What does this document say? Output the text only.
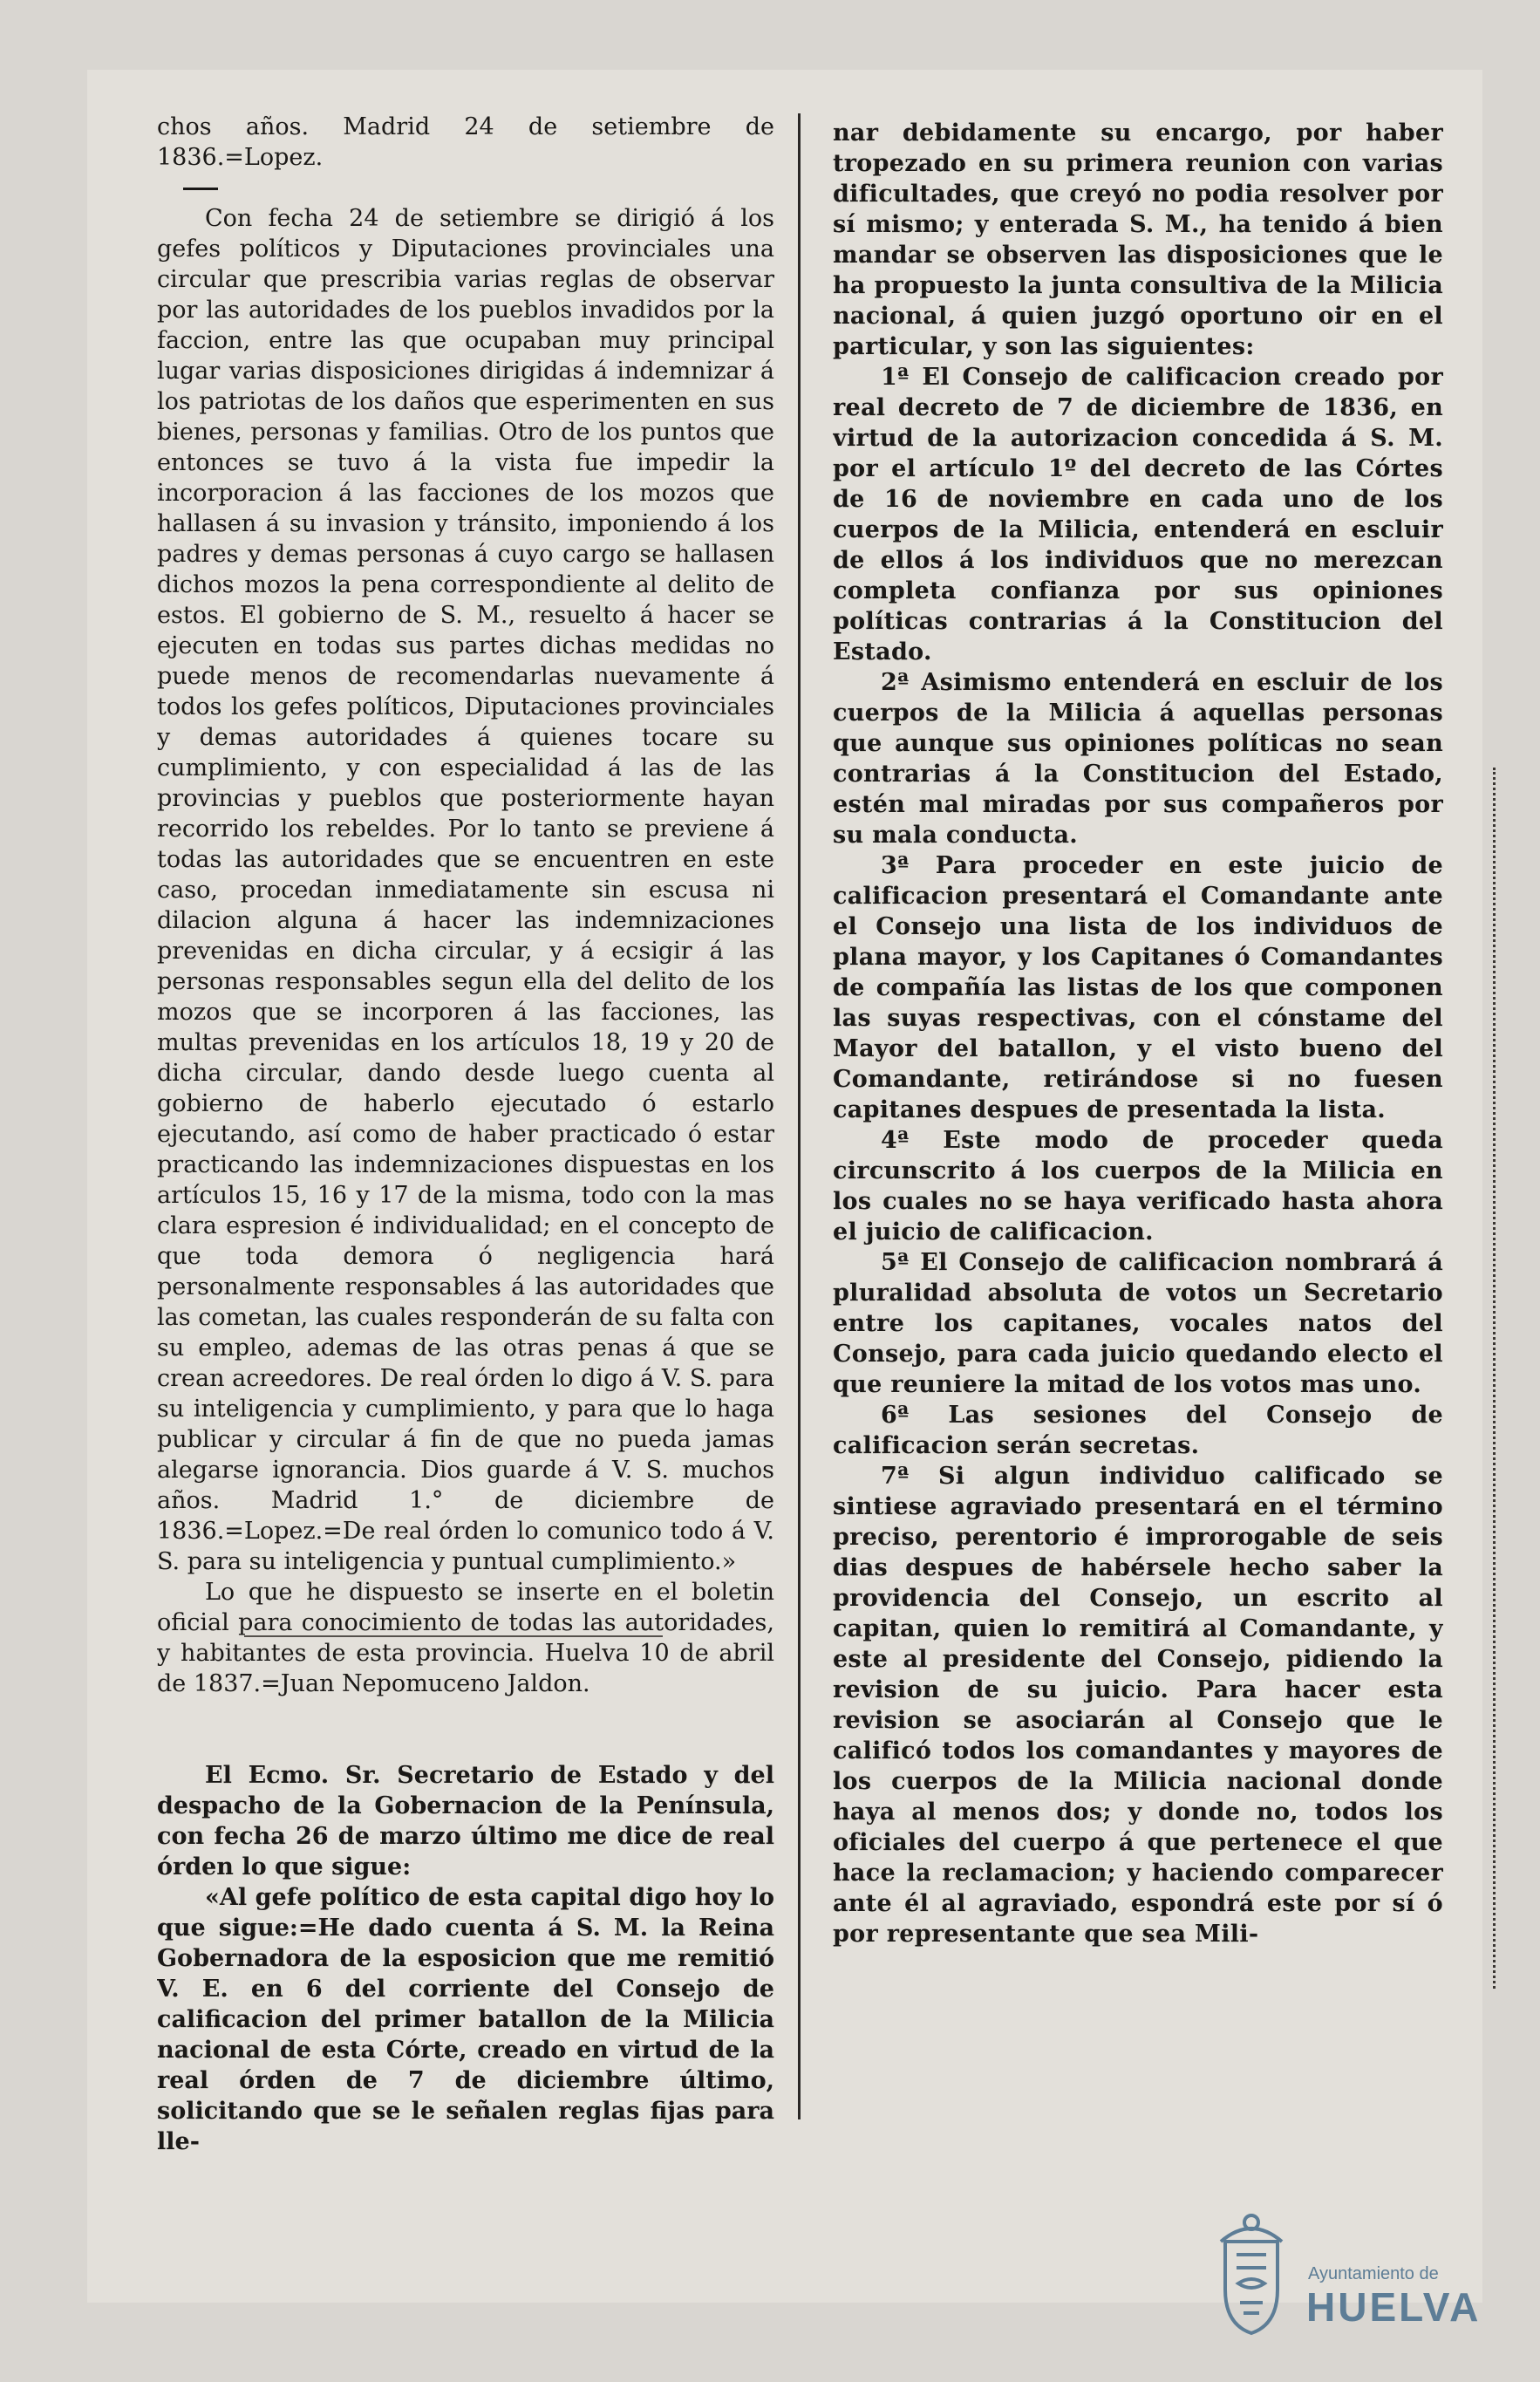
chos años. Madrid 24 de setiembre de 1836.=Lopez.

Con fecha 24 de setiembre se dirigió á los gefes políticos y Diputaciones provinciales una circular que prescribia varias reglas de observar por las autoridades de los pueblos invadidos por la faccion, entre las que ocupaban muy principal lugar varias disposiciones dirigidas á indemnizar á los patriotas de los daños que esperimenten en sus bienes, personas y familias. Otro de los puntos que entonces se tuvo á la vista fue impedir la incorporacion á las facciones de los mozos que hallasen á su invasion y tránsito, imponiendo á los padres y demas personas á cuyo cargo se hallasen dichos mozos la pena correspondiente al delito de estos. El gobierno de S. M., resuelto á hacer se ejecuten en todas sus partes dichas medidas no puede menos de recomendarlas nuevamente á todos los gefes políticos, Diputaciones provinciales y demas autoridades á quienes tocare su cumplimiento, y con especialidad á las de las provincias y pueblos que posteriormente hayan recorrido los rebeldes. Por lo tanto se previene á todas las autoridades que se encuentren en este caso, procedan inmediatamente sin escusa ni dilacion alguna á hacer las indemnizaciones prevenidas en dicha circular, y á ecsigir á las personas responsables segun ella del delito de los mozos que se incorporen á las facciones, las multas prevenidas en los artículos 18, 19 y 20 de dicha circular, dando desde luego cuenta al gobierno de haberlo ejecutado ó estarlo ejecutando, así como de haber practicado ó estar practicando las indemnizaciones dispuestas en los artículos 15, 16 y 17 de la misma, todo con la mas clara espresion é individualidad; en el concepto de que toda demora ó negligencia hará personalmente responsables á las autoridades que las cometan, las cuales responderán de su falta con su empleo, ademas de las otras penas á que se crean acreedores. De real órden lo digo á V. S. para su inteligencia y cumplimiento, y para que lo haga publicar y circular á fin de que no pueda jamas alegarse ignorancia. Dios guarde á V. S. muchos años. Madrid 1.° de diciembre de 1836.=Lopez.=De real órden lo comunico todo á V. S. para su inteligencia y puntual cumplimiento.»

Lo que he dispuesto se inserte en el boletin oficial para conocimiento de todas las autoridades, y habitantes de esta provincia. Huelva 10 de abril de 1837.=Juan Nepomuceno Jaldon.

El Ecmo. Sr. Secretario de Estado y del despacho de la Gobernacion de la Península, con fecha 26 de marzo último me dice de real órden lo que sigue:

«Al gefe político de esta capital digo hoy lo que sigue:=He dado cuenta á S. M. la Reina Gobernadora de la esposicion que me remitió V. E. en 6 del corriente del Consejo de calificacion del primer batallon de la Milicia nacional de esta Córte, creado en virtud de la real órden de 7 de diciembre último, solicitando que se le señalen reglas fijas para lle-

nar debidamente su encargo, por haber tropezado en su primera reunion con varias dificultades, que creyó no podia resolver por sí mismo; y enterada S. M., ha tenido á bien mandar se observen las disposiciones que le ha propuesto la junta consultiva de la Milicia nacional, á quien juzgó oportuno oir en el particular, y son las siguientes:

1ª El Consejo de calificacion creado por real decreto de 7 de diciembre de 1836, en virtud de la autorizacion concedida á S. M. por el artículo 1º del decreto de las Córtes de 16 de noviembre en cada uno de los cuerpos de la Milicia, entenderá en escluir de ellos á los individuos que no merezcan completa confianza por sus opiniones políticas contrarias á la Constitucion del Estado.

2ª Asimismo entenderá en escluir de los cuerpos de la Milicia á aquellas personas que aunque sus opiniones políticas no sean contrarias á la Constitucion del Estado, estén mal miradas por sus compañeros por su mala conducta.

3ª Para proceder en este juicio de calificacion presentará el Comandante ante el Consejo una lista de los individuos de plana mayor, y los Capitanes ó Comandantes de compañía las listas de los que componen las suyas respectivas, con el cónstame del Mayor del batallon, y el visto bueno del Comandante, retirándose si no fuesen capitanes despues de presentada la lista.

4ª Este modo de proceder queda circunscrito á los cuerpos de la Milicia en los cuales no se haya verificado hasta ahora el juicio de calificacion.

5ª El Consejo de calificacion nombrará á pluralidad absoluta de votos un Secretario entre los capitanes, vocales natos del Consejo, para cada juicio quedando electo el que reuniere la mitad de los votos mas uno.

6ª Las sesiones del Consejo de calificacion serán secretas.

7ª Si algun individuo calificado se sintiese agraviado presentará en el término preciso, perentorio é improrogable de seis dias despues de habérsele hecho saber la providencia del Consejo, un escrito al capitan, quien lo remitirá al Comandante, y este al presidente del Consejo, pidiendo la revision de su juicio. Para hacer esta revision se asociarán al Consejo que le calificó todos los comandantes y mayores de los cuerpos de la Milicia nacional donde haya al menos dos; y donde no, todos los oficiales del cuerpo á que pertenece el que hace la reclamacion; y haciendo comparecer ante él al agraviado, espondrá este por sí ó por representante que sea Mili-

Ayuntamiento de
HUELVA
